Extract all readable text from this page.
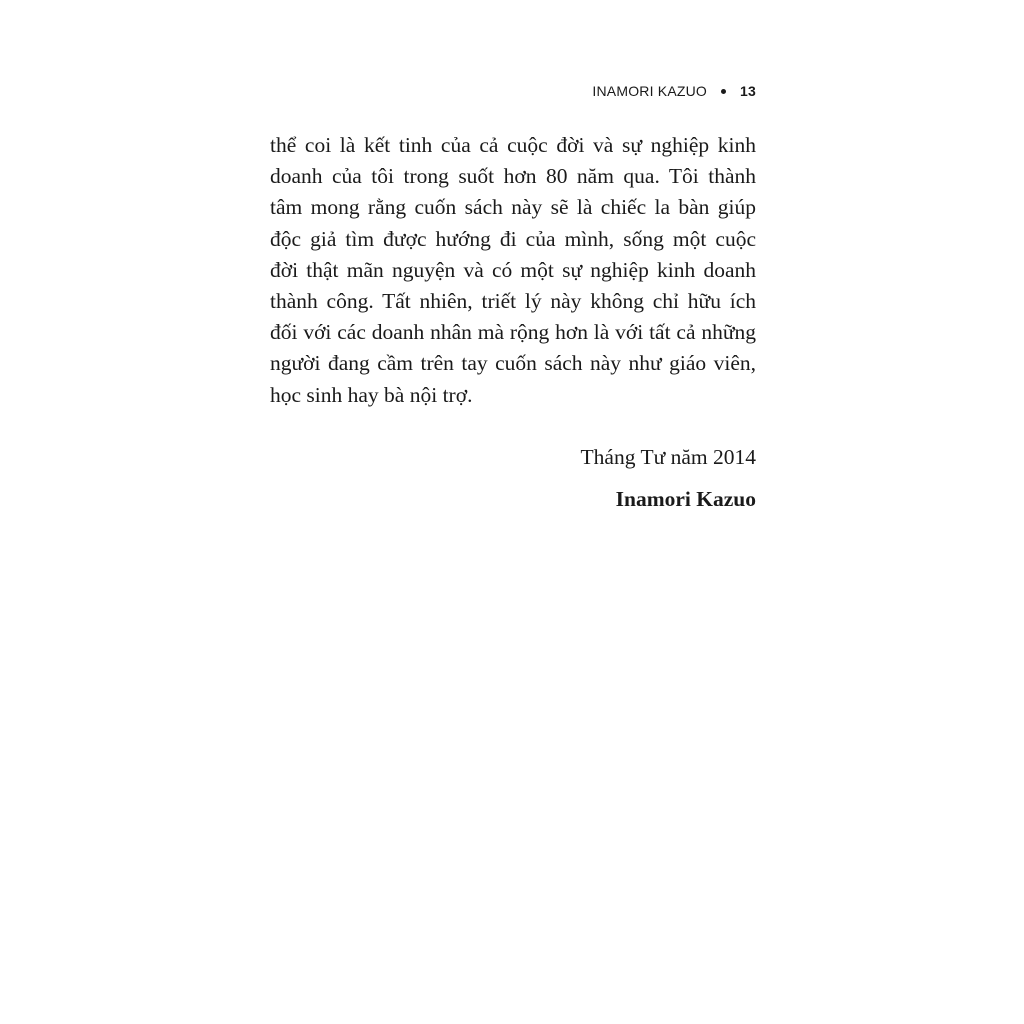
INAMORI KAZUO 13
thể coi là kết tinh của cả cuộc đời và sự nghiệp kinh
doanh của tôi trong suốt hơn 80 năm qua. Tôi thành
tâm mong rằng cuốn sách này sẽ là chiếc la bàn giúp
độc giả tìm được hướng đi của mình, sống một cuộc
đời thật mãn nguyện và có một sự nghiệp kinh doanh
thành công. Tất nhiên, triết lý này không chỉ hữu ích
đối với các doanh nhân mà rộng hơn là với tất cả những
người đang cầm trên tay cuốn sách này như giáo viên,
học sinh hay bà nội trợ.
Tháng Tư năm 2014
Inamori Kazuo
